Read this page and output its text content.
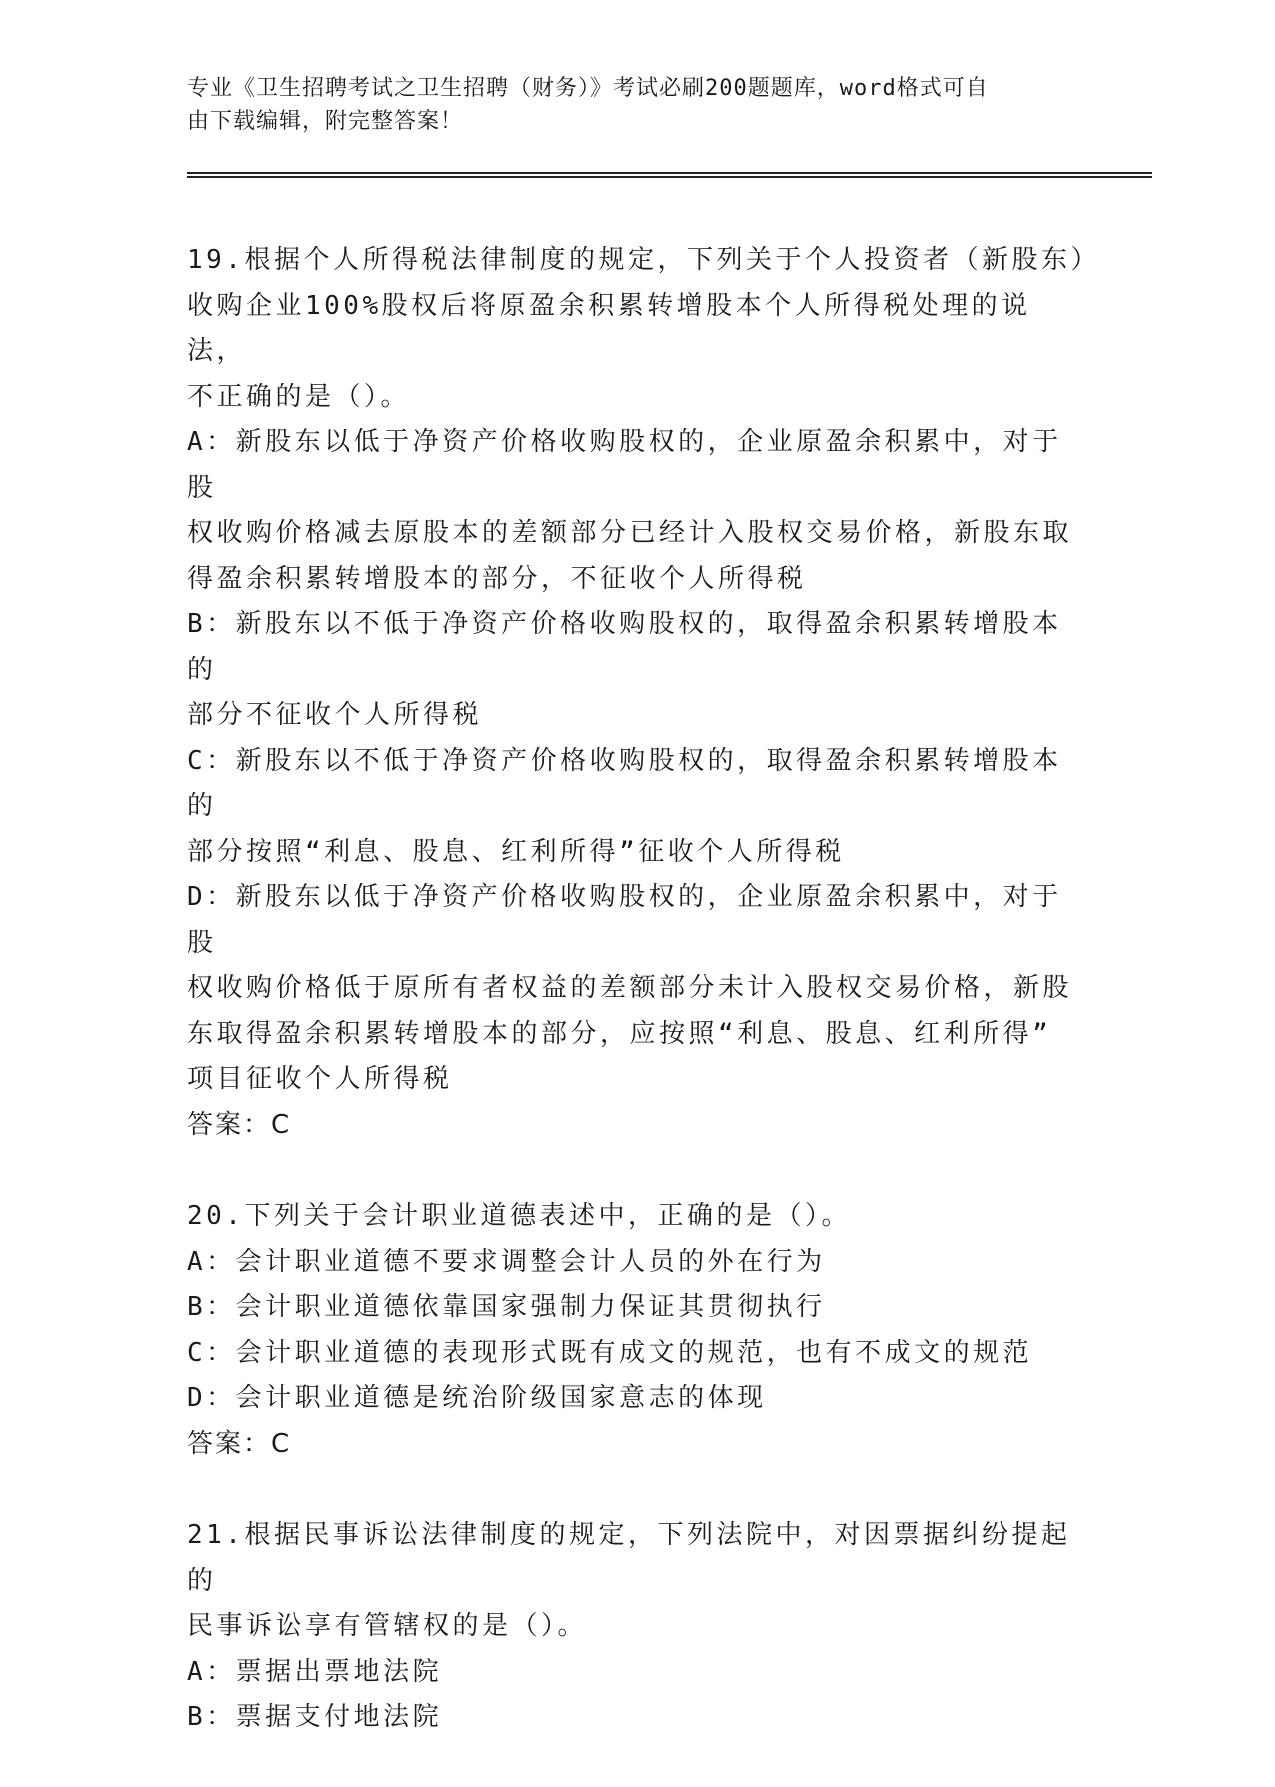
专业《卫生招聘考试之卫生招聘（财务）》考试必刷200题题库，word格式可自
由下载编辑，附完整答案！

19.根据个人所得税法律制度的规定，下列关于个人投资者（新股东）

收购企业100%股权后将原盈余积累转增股本个人所得税处理的说法，

不正确的是（）。

A：新股东以低于净资产价格收购股权的，企业原盈余积累中，对于股

权收购价格减去原股本的差额部分已经计入股权交易价格，新股东取

得盈余积累转增股本的部分，不征收个人所得税

B：新股东以不低于净资产价格收购股权的，取得盈余积累转增股本的

部分不征收个人所得税

C：新股东以不低于净资产价格收购股权的，取得盈余积累转增股本的

部分按照“利息、股息、红利所得”征收个人所得税

D：新股东以低于净资产价格收购股权的，企业原盈余积累中，对于股

权收购价格低于原所有者权益的差额部分未计入股权交易价格，新股

东取得盈余积累转增股本的部分，应按照“利息、股息、红利所得”

项目征收个人所得税

答案：C

20.下列关于会计职业道德表述中，正确的是（）。

A：会计职业道德不要求调整会计人员的外在行为

B：会计职业道德依靠国家强制力保证其贯彻执行

C：会计职业道德的表现形式既有成文的规范，也有不成文的规范

D：会计职业道德是统治阶级国家意志的体现

答案：C

21.根据民事诉讼法律制度的规定，下列法院中，对因票据纠纷提起的

民事诉讼享有管辖权的是（）。

A：票据出票地法院

B：票据支付地法院
